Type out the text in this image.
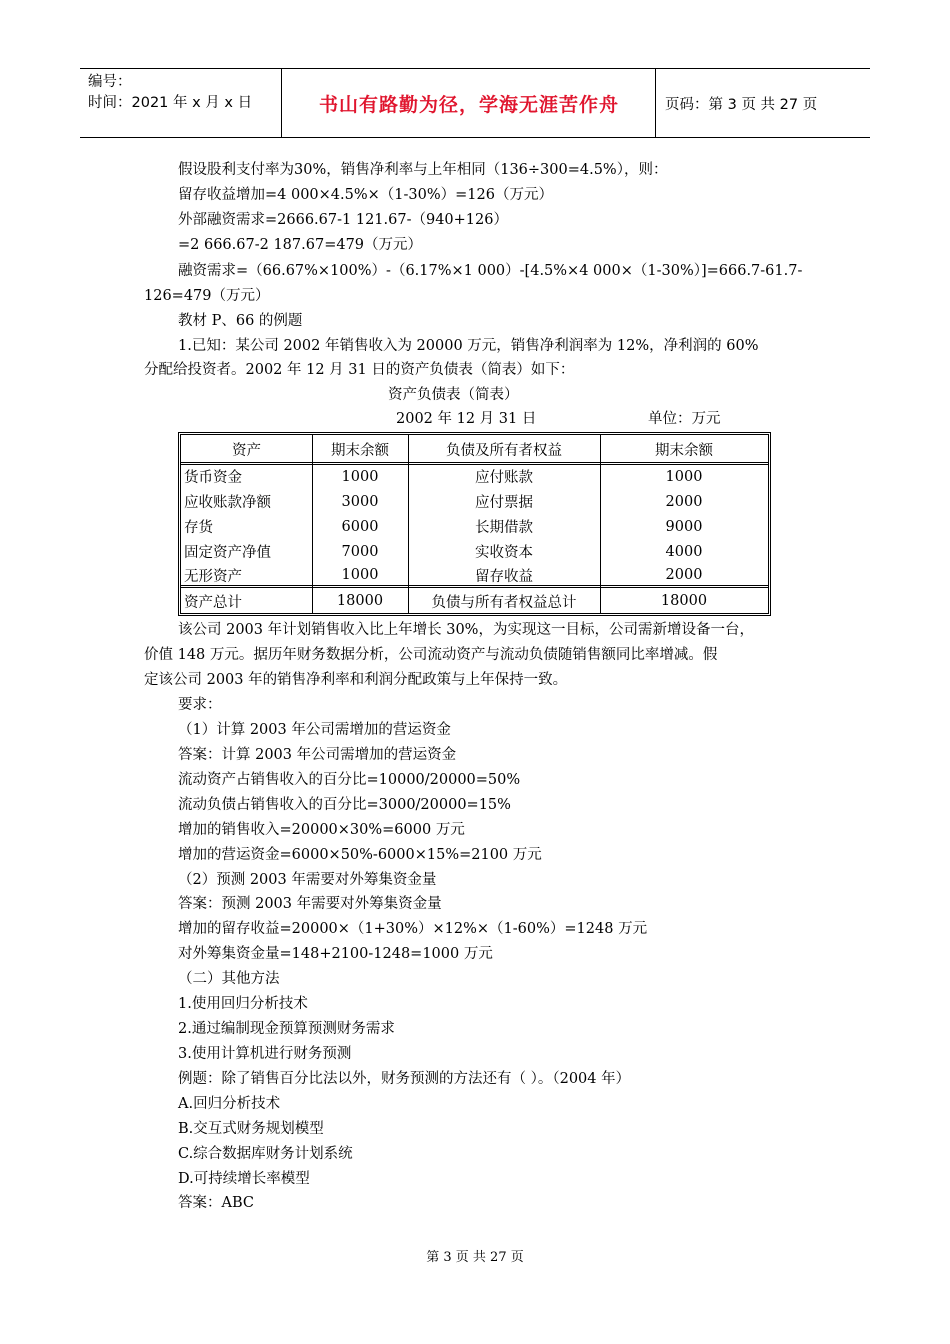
编号：
时间：2021 年 x 月 x 日	书山有路勤为径，学海无涯苦作舟	页码：第 3 页 共 27 页
假设股利支付率为30%，销售净利率与上年相同（136÷300=4.5%），则：
留存收益增加=4 000×4.5%×（1-30%）=126（万元）
外部融资需求=2666.67-1 121.67-（940+126）
=2 666.67-2 187.67=479（万元）
融资需求=（66.67%×100%）-（6.17%×1 000）-[4.5%×4 000×（1-30%）]=666.7-61.7-
126=479（万元）
教材 P、66 的例题
1.已知：某公司 2002 年销售收入为 20000 万元，销售净利润率为 12%，净利润的 60%
分配给投资者。2002 年 12 月 31 日的资产负债表（简表）如下：
资产负债表（简表）
2002 年 12 月 31 日	单位：万元
资产	期末余额	负债及所有者权益	期末余额
货币资金	1000	应付账款	1000
应收账款净额	3000	应付票据	2000
存货	6000	长期借款	9000
固定资产净值	7000	实收资本	4000
无形资产	1000	留存收益	2000
资产总计	18000	负债与所有者权益总计	18000
该公司 2003 年计划销售收入比上年增长 30%，为实现这一目标，公司需新增设备一台，
价值 148 万元。据历年财务数据分析，公司流动资产与流动负债随销售额同比率增减。假
定该公司 2003 年的销售净利率和利润分配政策与上年保持一致。
要求：
（1）计算 2003 年公司需增加的营运资金
答案：计算 2003 年公司需增加的营运资金
流动资产占销售收入的百分比=10000/20000=50%
流动负债占销售收入的百分比=3000/20000=15%
增加的销售收入=20000×30%=6000 万元
增加的营运资金=6000×50%-6000×15%=2100 万元
（2）预测 2003 年需要对外筹集资金量
答案：预测 2003 年需要对外筹集资金量
增加的留存收益=20000×（1+30%）×12%×（1-60%）=1248 万元
对外筹集资金量=148+2100-1248=1000 万元
（二）其他方法
1.使用回归分析技术
2.通过编制现金预算预测财务需求
3.使用计算机进行财务预测
例题：除了销售百分比法以外，财务预测的方法还有（ ）。（2004 年）
A.回归分析技术
B.交互式财务规划模型
C.综合数据库财务计划系统
D.可持续增长率模型
答案：ABC
第 3 页 共 27 页
